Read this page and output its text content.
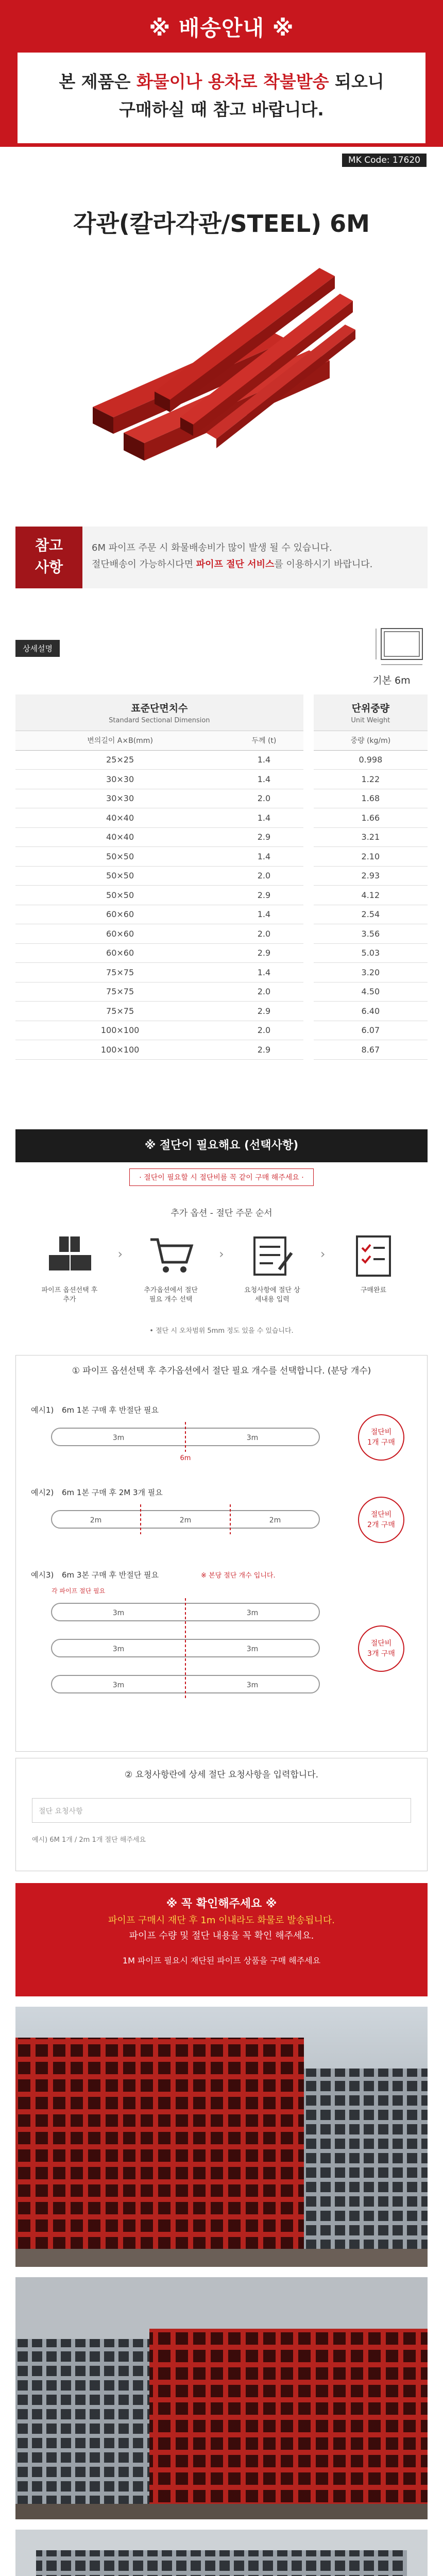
※ 배송안내 ※
본 제품은 화물이나 용차로 착불발송 되오니
구매하실 때 참고 바랍니다.
MK Code: 17620
각관(칼라각관/STEEL) 6M
참고
사항
6M 파이프 주문 시 화물배송비가 많이 발생 될 수 있습니다.
절단배송이 가능하시다면 파이프 절단 서비스를 이용하시기 바랍니다.
상세설명
기본 6m
표준단면치수
Standard Sectional Dimension			단위중량
Unit Weight

변의길이 A×B(mm)	두께 (t)		중량 (kg/m)
25×25	1.4		0.998
30×30	1.4		1.22
30×30	2.0		1.68
40×40	1.4		1.66
40×40	2.9		3.21
50×50	1.4		2.10
50×50	2.0		2.93
50×50	2.9		4.12
60×60	1.4		2.54
60×60	2.0		3.56
60×60	2.9		5.03
75×75	1.4		3.20
75×75	2.0		4.50
75×75	2.9		6.40
100×100	2.0		6.07
100×100	2.9		8.67
※ 절단이 필요해요 (선택사항)
· 절단이 필요할 시 절단비를 꼭 같이 구매 해주세요 ·
추가 옵션 - 절단 주문 순서
파이프 옵션선택 후 추가
›
추가옵션에서 절단필요 개수 선택
›
요청사항에 절단 상세내용 입력
›
구매완료
• 절단 시 오차범위 5mm 정도 있을 수 있습니다.
① 파이프 옵션선택 후 추가옵션에서 절단 필요 개수를 선택합니다. (분당 개수)
예시1) 6m 1본 구매 후 반절단 필요
3m	3m
6m
절단비
1개 구매
예시2) 6m 1본 구매 후 2M 3개 필요
2m	2m	2m
절단비
2개 구매
예시3) 6m 3본 구매 후 반절단 필요	※ 본당 절단 개수 입니다.
각 파이프 절단 필요
3m	3m
3m	3m
3m	3m
절단비
3개 구매
② 요청사항란에 상세 절단 요청사항을 입력합니다.
절단 요청사항
예시) 6M 1개 / 2m 1개 절단 해주세요
※ 꼭 확인해주세요 ※
파이프 구매시 재단 후 1m 이내라도 화물로 발송됩니다.
파이프 수량 및 절단 내용을 꼭 확인 해주세요.
1M 파이프 필요시 재단된 파이프 상품을 구매 해주세요
